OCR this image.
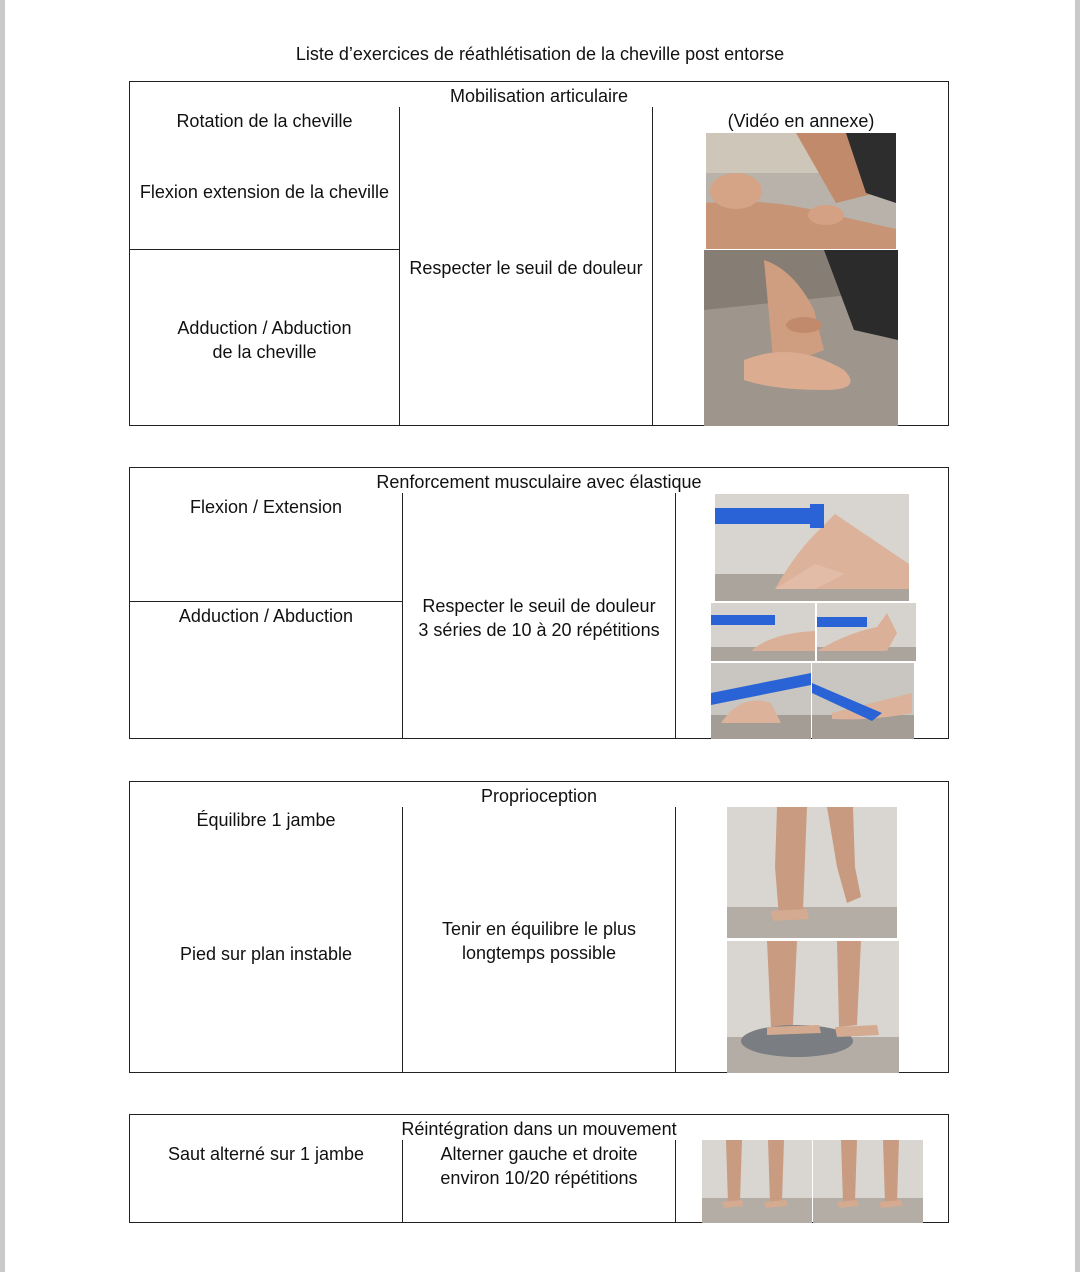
Liste d’exercices de réathlétisation de la cheville post entorse
Mobilisation articulaire
Rotation de la cheville
Flexion extension de la cheville
Adduction / Abduction
de la cheville
Respecter le seuil de douleur
(Vidéo en annexe)
Renforcement musculaire avec élastique
Flexion / Extension
Adduction / Abduction	Respecter le seuil de douleur
3 séries de 10 à 20 répétitions
Proprioception
Équilibre 1 jambe
Pied sur plan instable
Tenir en équilibre le plus
longtemps possible
Réintégration dans un mouvement
Saut alterné sur 1 jambe	Alterner gauche et droite
environ 10/20 répétitions
